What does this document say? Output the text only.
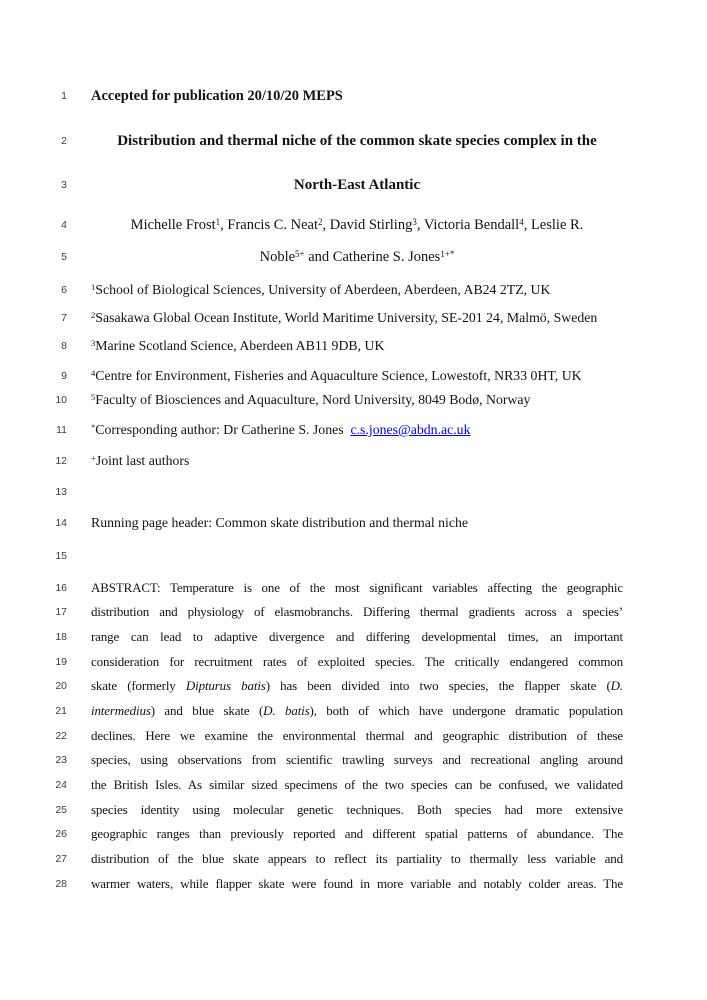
1 Accepted for publication 20/10/20 MEPS
2	Distribution and thermal niche of the common skate species complex in the
3	North-East Atlantic
4	Michelle Frost$^1$, Francis C. Neat$^2$, David Stirling$^3$, Victoria Bendall$^4$, Leslie R.
5	Noble$^{5+}$ and Catherine S. Jones$^{1+*}$
6	$^1$School of Biological Sciences, University of Aberdeen, Aberdeen, AB24 2TZ, UK
7	$^2$Sasakawa Global Ocean Institute, World Maritime University, SE-201 24, Malmö, Sweden
8	$^3$Marine Scotland Science, Aberdeen AB11 9DB, UK
9	$^4$Centre for Environment, Fisheries and Aquaculture Science, Lowestoft, NR33 0HT, UK
10	$^5$Faculty of Biosciences and Aquaculture, Nord University, 8049 Bodø, Norway
11	*Corresponding author: Dr Catherine S. Jones  c.s.jones@abdn.ac.uk
12	+Joint last authors
13
14 Running page header: Common skate distribution and thermal niche
15
16 ABSTRACT: Temperature is one of the most significant variables affecting the geographic
17 distribution and physiology of elasmobranchs. Differing thermal gradients across a species’
18 range can lead to adaptive divergence and differing developmental times, an important
19 consideration for recruitment rates of exploited species. The critically endangered common
20 skate (formerly Dipturus batis) has been divided into two species, the flapper skate (D.
21 intermedius) and blue skate (D. batis), both of which have undergone dramatic population
22 declines. Here we examine the environmental thermal and geographic distribution of these
23 species, using observations from scientific trawling surveys and recreational angling around
24 the British Isles. As similar sized specimens of the two species can be confused, we validated
25 species identity using molecular genetic techniques. Both species had more extensive
26 geographic ranges than previously reported and different spatial patterns of abundance. The
27 distribution of the blue skate appears to reflect its partiality to thermally less variable and
28 warmer waters, while flapper skate were found in more variable and notably colder areas. The
